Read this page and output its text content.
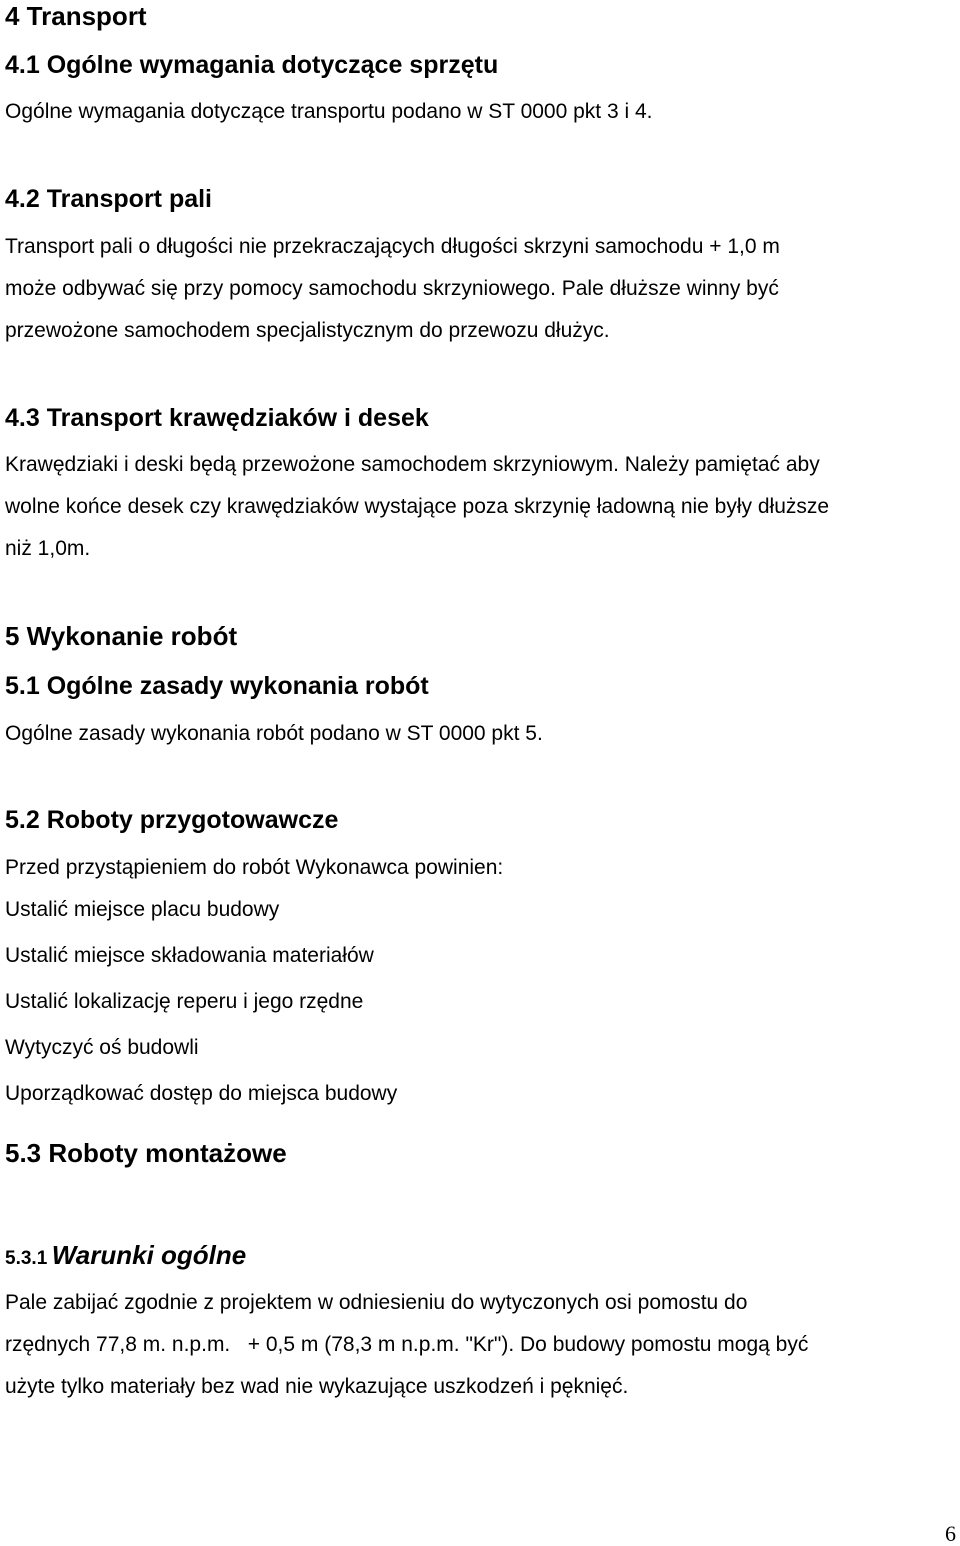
4 Transport
4.1 Ogólne wymagania dotyczące sprzętu

Ogólne wymagania dotyczące transportu podano w ST 0000 pkt 3 i 4.

4.2 Transport pali

Transport pali o długości nie przekraczających długości skrzyni samochodu + 1,0 m

może odbywać się przy pomocy samochodu skrzyniowego. Pale dłuższe winny być

przewożone samochodem specjalistycznym do przewozu dłużyc.

4.3 Transport krawędziaków i desek

Krawędziaki i deski będą przewożone samochodem skrzyniowym. Należy pamiętać aby

wolne końce desek czy krawędziaków wystające poza skrzynię ładowną nie były dłuższe

niż 1,0m.

5 Wykonanie robót
5.1 Ogólne zasady wykonania robót

Ogólne zasady wykonania robót podano w ST 0000 pkt 5.

5.2 Roboty przygotowawcze

Przed przystąpieniem do robót Wykonawca powinien:

Ustalić miejsce placu budowy

Ustalić miejsce składowania materiałów

Ustalić lokalizację reperu i jego rzędne

Wytyczyć oś budowli

Uporządkować dostęp do miejsca budowy

5.3 Roboty montażowe
5.3.1 Warunki ogólne

Pale zabijać zgodnie z projektem w odniesieniu do wytyczonych osi pomostu do

rzędnych 77,8 m. n.p.m.   + 0,5 m (78,3 m n.p.m. "Kr"). Do budowy pomostu mogą być

użyte tylko materiały bez wad nie wykazujące uszkodzeń i pęknięć.

6
